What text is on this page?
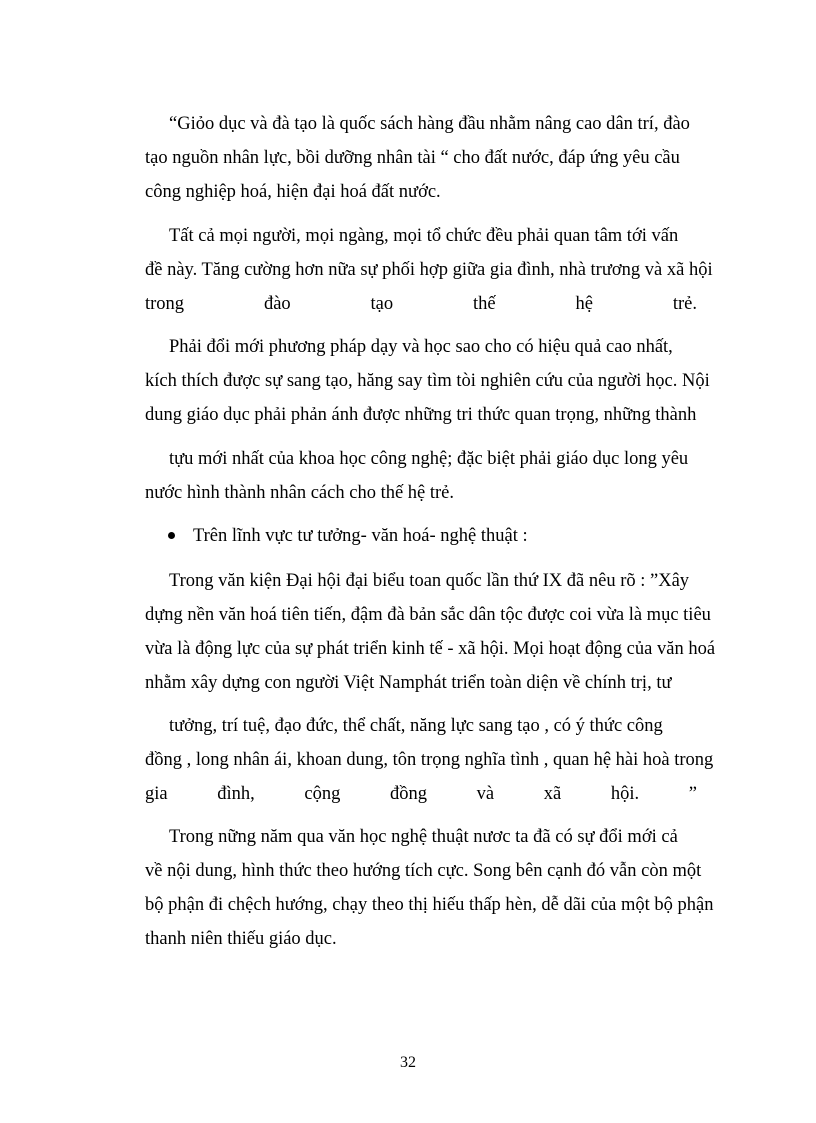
“Giỏo dục và đà tạo là quốc sách hàng đầu nhằm nâng cao dân trí, đào
tạo nguồn nhân lực, bồi dưỡng nhân tài “ cho đất nước, đáp ứng yêu cầu
công nghiệp hoá, hiện đại hoá đất nước.
Tất cả mọi người, mọi ngàng, mọi tổ chức đều phải quan tâm tới vấn
đề này. Tăng cường hơn nữa sự phối hợp giữa gia đình, nhà trương và xã hội
trong	đào	tạo	thế	hệ	trẻ.
Phải đổi mới phương pháp dạy và học sao cho có hiệu quả cao nhất,
kích thích được sự sang tạo, hăng say tìm tòi nghiên cứu của người học. Nội
dung giáo dục phải phản ánh được những tri thức quan trọng, những thành
tựu mới nhất của khoa học công nghệ; đặc biệt phải giáo dục long yêu
nước hình thành nhân cách cho thế hệ trẻ.
Trên lĩnh vực tư tưởng- văn hoá- nghệ thuật :
Trong văn kiện Đại hội đại biểu toan quốc lần thứ IX đã nêu rõ : ”Xây
dựng nền văn hoá tiên tiến, đậm đà bản sắc dân tộc được coi vừa là mục tiêu
vừa là động lực của sự phát triển kinh tế - xã hội. Mọi hoạt động của văn hoá
nhằm xây dựng con người Việt Namphát triển toàn diện về chính trị, tư
tưởng, trí tuệ, đạo đức, thể chất, năng lực sang tạo , có ý thức công
đồng , long nhân ái, khoan dung, tôn trọng nghĩa tình , quan hệ hài hoà trong
gia	đình,	cộng	đồng	và	xã	hội.	”
Trong nững năm qua văn học nghệ thuật nươc ta đã có sự đổi mới cả
về nội dung, hình thức theo hướng tích cực. Song bên cạnh đó vẫn còn một
bộ phận đi chệch hướng, chạy theo thị hiếu thấp hèn, dễ dãi của một bộ phận
thanh niên thiếu giáo dục.
32
